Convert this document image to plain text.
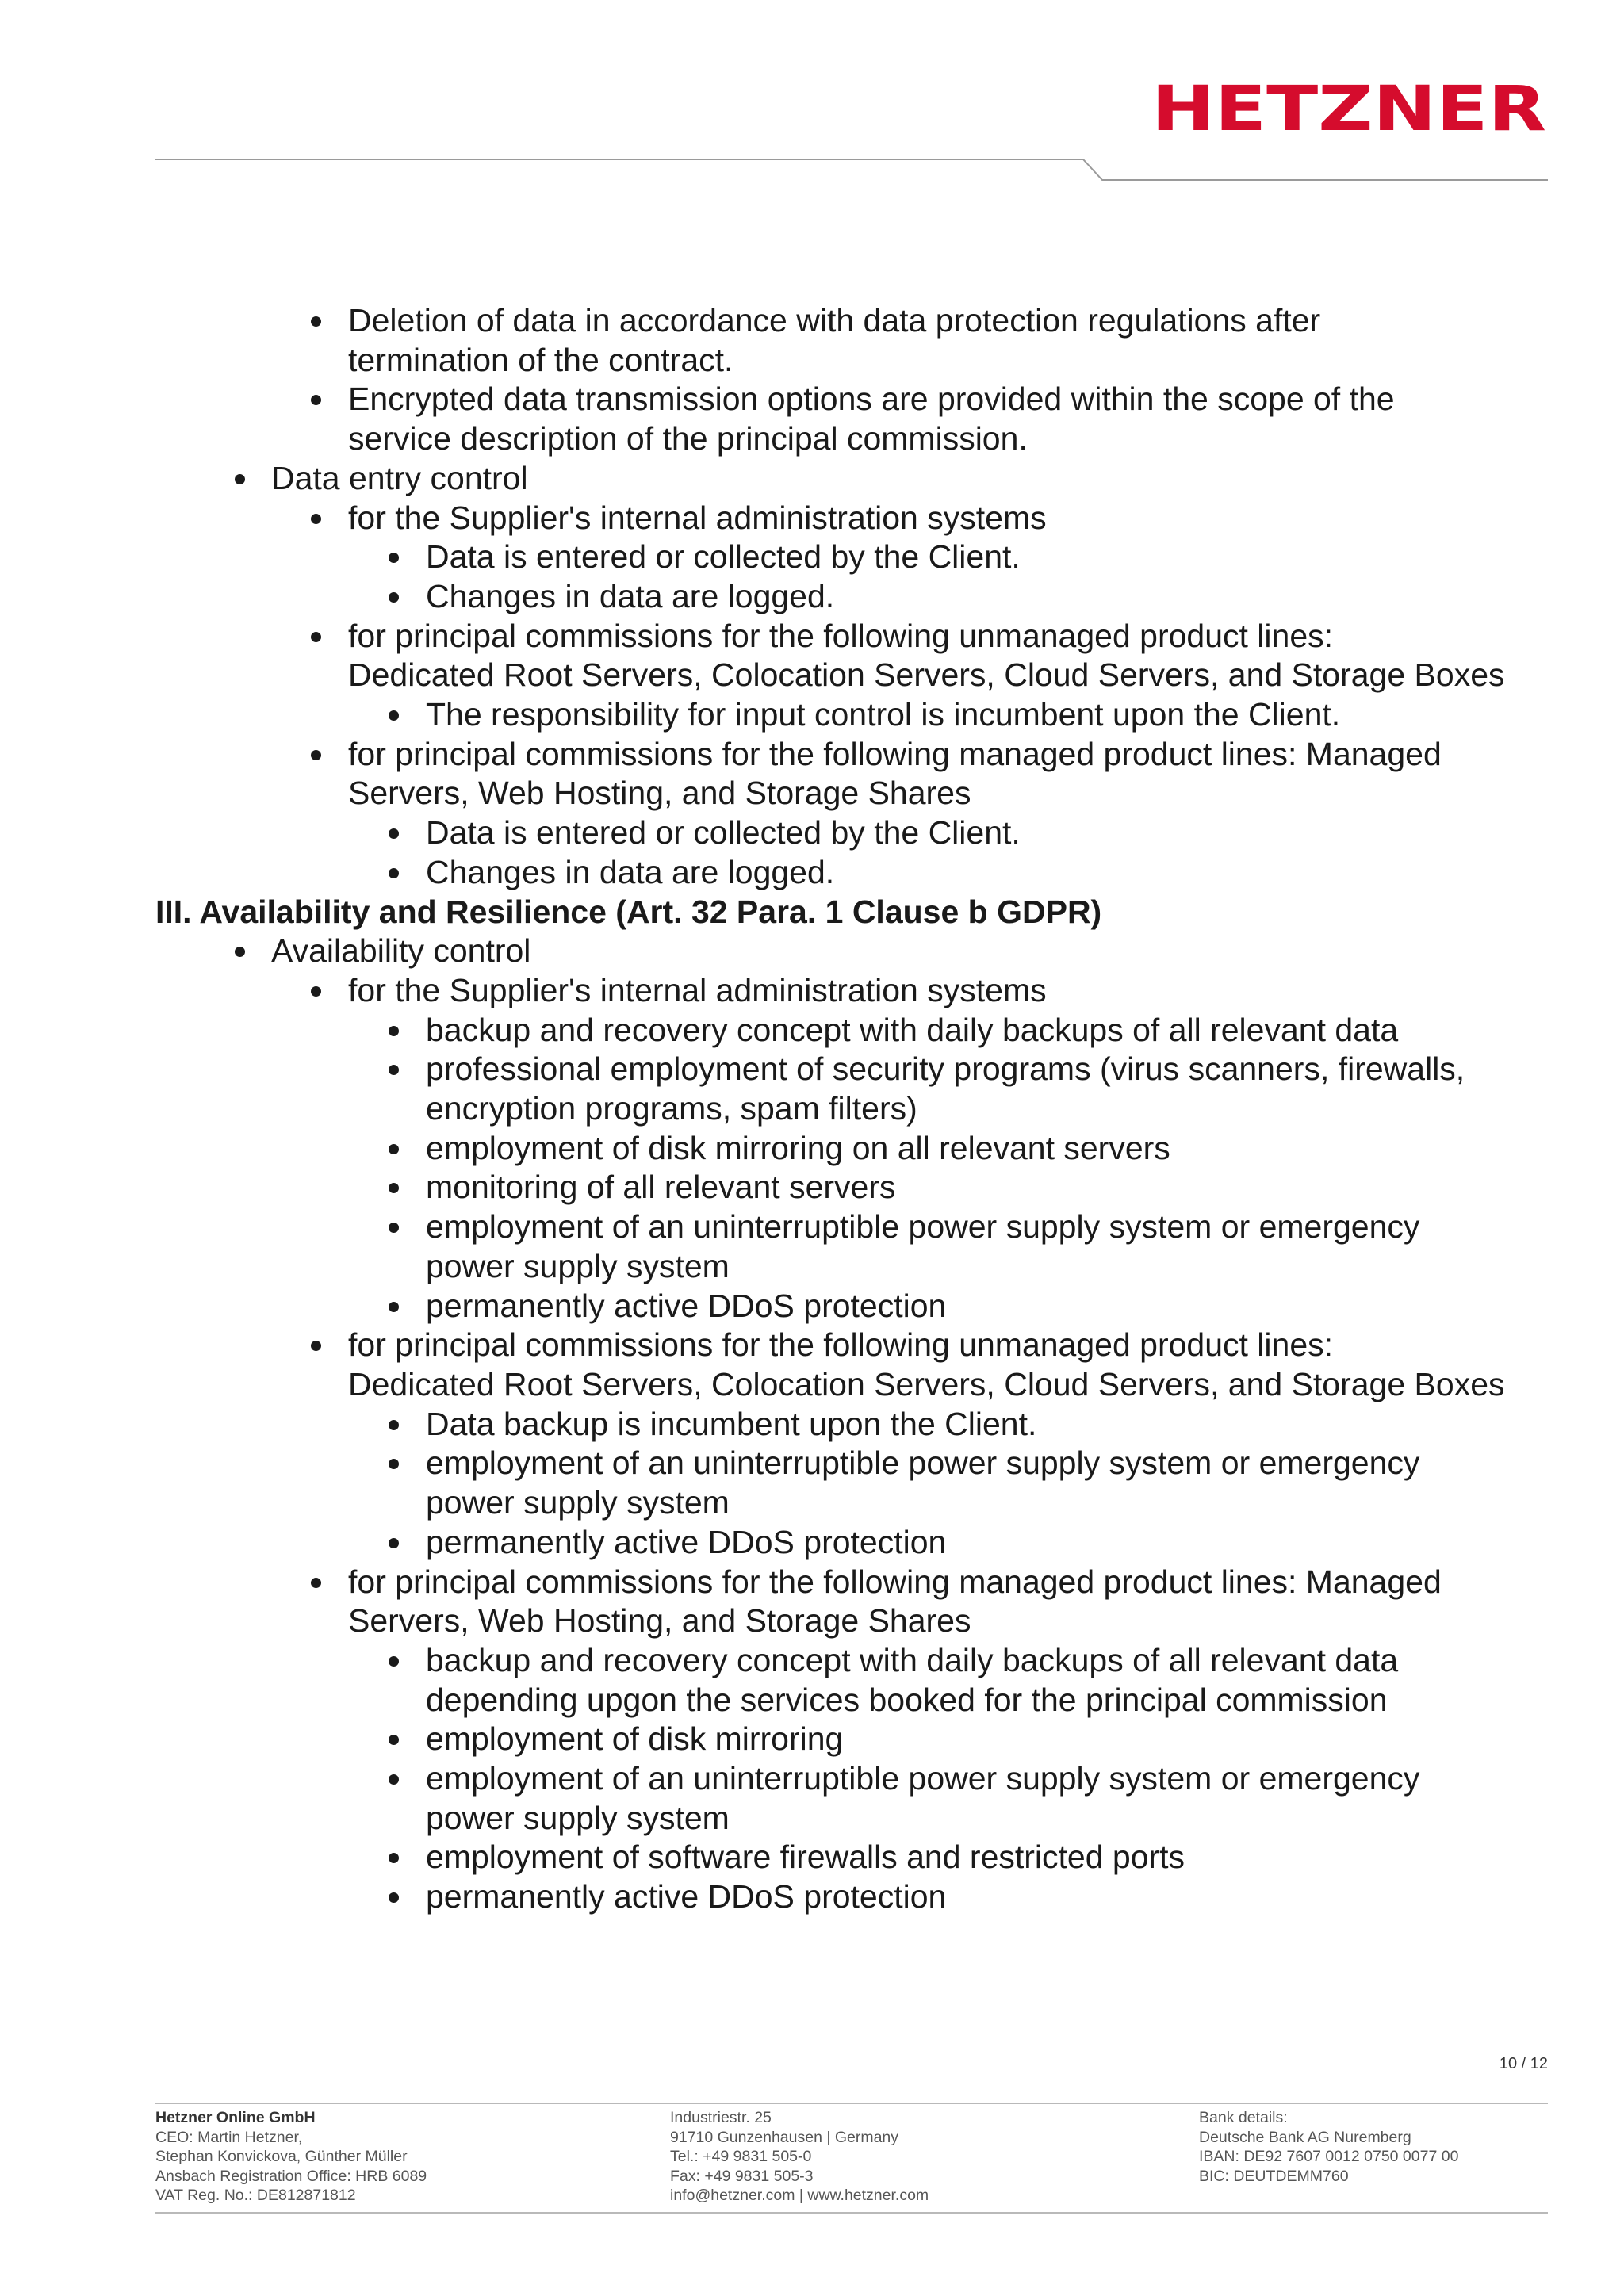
HETZNER
Deletion of data in accordance with data protection regulations after
termination of the contract.
Encrypted data transmission options are provided within the scope of the
service description of the principal commission.
Data entry control
for the Supplier's internal administration systems
Data is entered or collected by the Client.
Changes in data are logged.
for principal commissions for the following unmanaged product lines:
Dedicated Root Servers, Colocation Servers, Cloud Servers, and Storage Boxes
The responsibility for input control is incumbent upon the Client.
for principal commissions for the following managed product lines: Managed
Servers, Web Hosting, and Storage Shares
Data is entered or collected by the Client.
Changes in data are logged.
III. Availability and Resilience (Art. 32 Para. 1 Clause b GDPR)
Availability control
for the Supplier's internal administration systems
backup and recovery concept with daily backups of all relevant data
professional employment of security programs (virus scanners, firewalls,
encryption programs, spam filters)
employment of disk mirroring on all relevant servers
monitoring of all relevant servers
employment of an uninterruptible power supply system or emergency
power supply system
permanently active DDoS protection
for principal commissions for the following unmanaged product lines:
Dedicated Root Servers, Colocation Servers, Cloud Servers, and Storage Boxes
Data backup is incumbent upon the Client.
employment of an uninterruptible power supply system or emergency
power supply system
permanently active DDoS protection
for principal commissions for the following managed product lines: Managed
Servers, Web Hosting, and Storage Shares
backup and recovery concept with daily backups of all relevant data
depending upgon the services booked for the principal commission
employment of disk mirroring
employment of an uninterruptible power supply system or emergency
power supply system
employment of software firewalls and restricted ports
permanently active DDoS protection
10 / 12
Hetzner Online GmbH
CEO: Martin Hetzner,
Stephan Konvickova, Günther Müller
Ansbach Registration Office: HRB 6089
VAT Reg. No.: DE812871812
Industriestr. 25
91710 Gunzenhausen | Germany
Tel.: +49 9831 505-0
Fax: +49 9831 505-3
info@hetzner.com | www.hetzner.com
Bank details:
Deutsche Bank AG Nuremberg
IBAN: DE92 7607 0012 0750 0077 00
BIC: DEUTDEMM760
